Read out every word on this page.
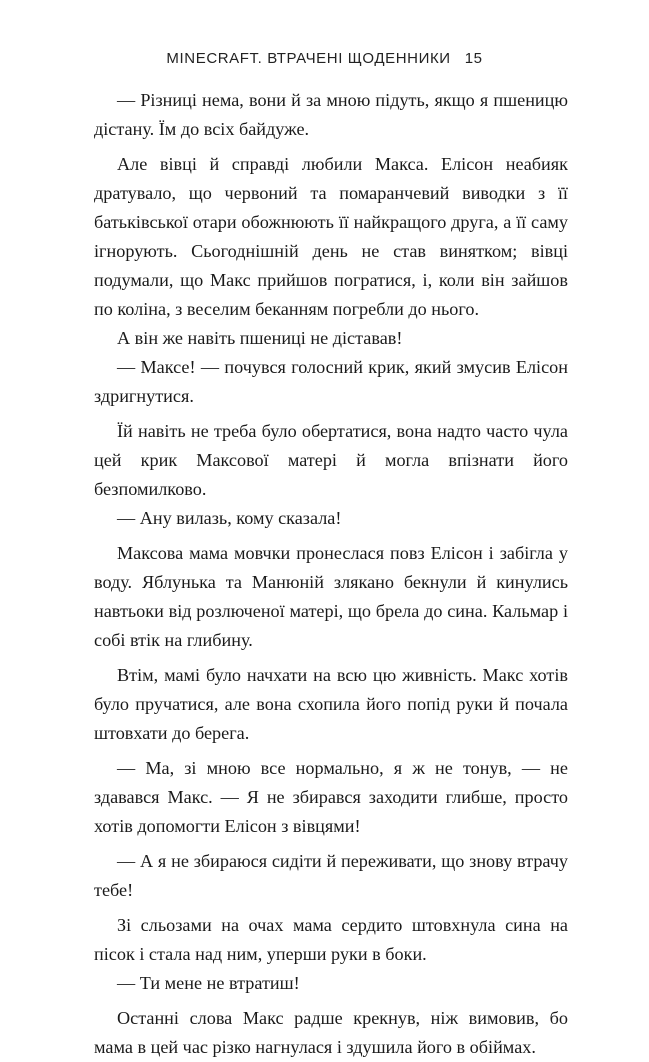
MINECRAFT. ВТРАЧЕНІ ЩОДЕННИКИ 15

— Різниці нема, вони й за мною підуть, якщо я пшеницю дістану. Їм до всіх байдуже.

Але вівці й справді любили Макса. Елісон неабияк дратувало, що червоний та помаранчевий виводки з її батьківської отари обожнюють її найкращого друга, а її саму ігнорують. Сьогоднішній день не став винятком; вівці подумали, що Макс прийшов погратися, і, коли він зайшов по коліна, з веселим беканням погребли до нього.

А він же навіть пшениці не діставав!

— Максе! — почувся голосний крик, який змусив Елісон здригнутися.

Їй навіть не треба було обертатися, вона надто часто чула цей крик Максової матері й могла впізнати його безпомилково.

— Ану вилазь, кому сказала!

Максова мама мовчки пронеслася повз Елісон і забігла у воду. Яблунька та Манюній злякано бекнули й кинулись навтьоки від розлюченої матері, що брела до сина. Кальмар і собі втік на глибину.

Втім, мамі було начхати на всю цю живність. Макс хотів було пручатися, але вона схопила його попід руки й почала штовхати до берега.

— Ма, зі мною все нормально, я ж не тонув, — не здавався Макс. — Я не збирався заходити глибше, просто хотів допомогти Елісон з вівцями!

— А я не збираюся сидіти й переживати, що знову втрачу тебе!

Зі сльозами на очах мама сердито штовхнула сина на пісок і стала над ним, уперши руки в боки.

— Ти мене не втратиш!

Останні слова Макс радше крекнув, ніж вимовив, бо мама в цей час різко нагнулася і здушила його в обіймах.
